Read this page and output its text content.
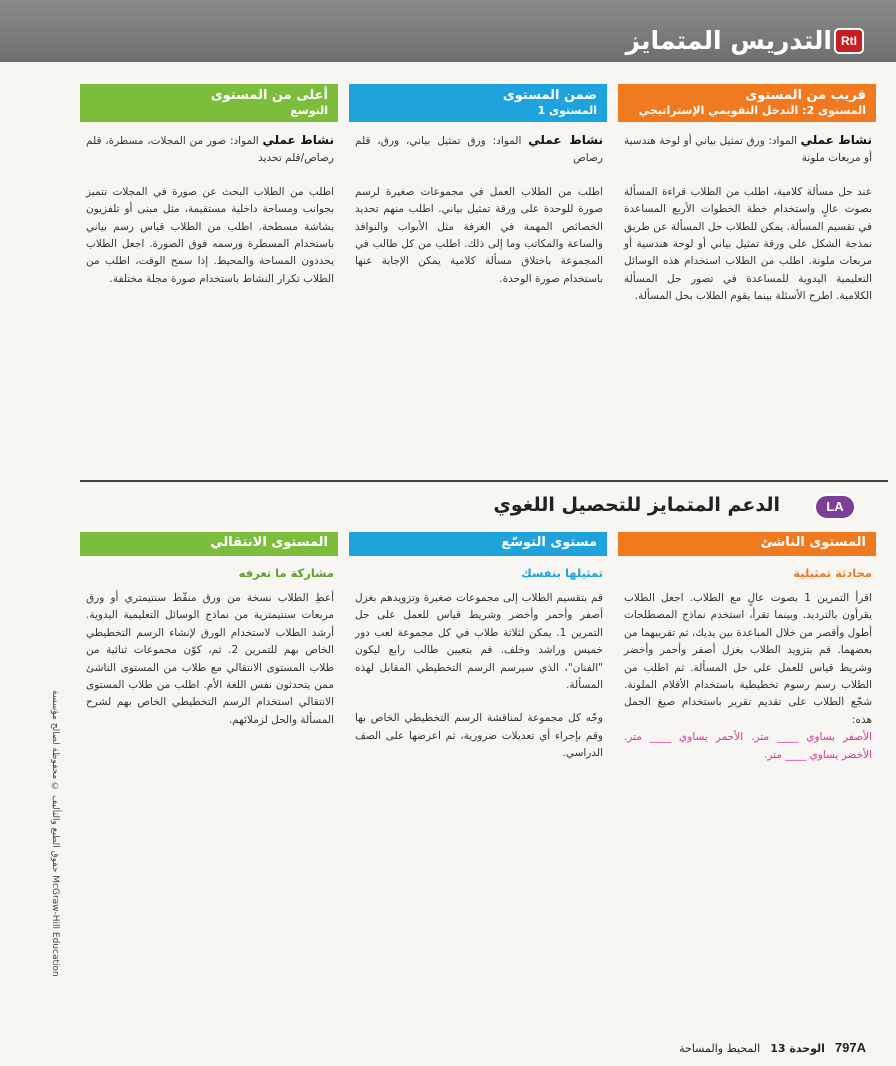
RtI
التدريس المتمايز
قريب من المستوى
المستوى 2: التدخل التقويمي الإستراتيجي
ضمن المستوى
المستوى 1
أعلى من المستوى
التوسع

نشاط عملي المواد: ورق تمثيل بياني أو لوحة هندسية أو مربعات ملونة

عند حل مسألة كلامية، اطلب من الطلاب قراءة المسألة بصوت عالٍ واستخدام خطة الخطوات الأربع المساعدة في تقسيم المسألة. يمكن للطلاب حل المسألة عن طريق نمذجة الشكل على ورقة تمثيل بياني أو لوحة هندسية أو مربعات ملونة. اطلب من الطلاب استخدام هذه الوسائل التعليمية اليدوية للمساعدة في تصور حل المسألة الكلامية. اطرح الأسئلة بينما يقوم الطلاب بحل المسألة.

نشاط عملي المواد: ورق تمثيل بياني، ورق، قلم رصاص

اطلب من الطلاب العمل في مجموعات صغيرة لرسم صورة للوحدة على ورقة تمثيل بياني. اطلب منهم تحديد الخصائص المهمة في الغرفة مثل الأبواب والنوافذ والساعة والمكاتب وما إلى ذلك. اطلب من كل طالب في المجموعة باختلاق مسألة كلامية يمكن الإجابة عنها باستخدام صورة الوحدة.

نشاط عملي المواد: صور من المجلات، مسطرة، قلم رصاص/قلم تحديد

اطلب من الطلاب البحث عن صورة في المجلات تتميز بجوانب ومساحة داخلية مستقيمة، مثل مبنى أو تلفزيون بشاشة مسطحة. اطلب من الطلاب قياس رسم بياني باستخدام المسطرة ورسمه فوق الصورة. اجعل الطلاب يحددون المساحة والمحيط. إذا سمح الوقت، اطلب من الطلاب تكرار النشاط باستخدام صورة مجلة مختلفة.

LA
الدعم المتمايز للتحصيل اللغوي
المستوى الناشئ
مستوى التوسّع
المستوى الانتقالي
محادثة تمثيلية
تمثيلها بنفسك
مشاركة ما تعرفه

اقرأ التمرين 1 بصوت عالٍ مع الطلاب. اجعل الطلاب يقرأون بالترديد. وبينما تقرأ، استخدم نماذج المصطلحات أطول وأقصر من خلال المباعدة بين يديك، ثم تقريبهما من بعضهما. قم بتزويد الطلاب بغزل أصفر وأحمر وأخضر وشريط قياس للعمل على حل المسألة. ثم اطلب من الطلاب رسم رسوم تخطيطية باستخدام الأقلام الملونة. شجّع الطلاب على تقديم تقرير باستخدام صيغ الجمل هذه:

الأصفر يساوي ____ متر. الأحمر يساوي ____ متر. الأخضر يساوي ____ متر.

قم بتقسيم الطلاب إلى مجموعات صغيرة وتزويدهم بغزل أصفر وأحمر وأخضر وشريط قياس للعمل على حل التمرين 1. يمكن لثلاثة طلاب في كل مجموعة لعب دور خميس وراشد وخلف. قم بتعيين طالب رابع ليكون "الفنان"، الذي سيرسم الرسم التخطيطي المقابل لهذه المسألة.

وجّه كل مجموعة لمناقشة الرسم التخطيطي الخاص بها وقم بإجراء أي تعديلات ضرورية، ثم اعرضها على الصف الدراسي.

أعطِ الطلاب نسخة من ورق منقّط سنتيمتري أو ورق مربعات سنتيمترية من نماذج الوسائل التعليمية اليدوية. أرشد الطلاب لاستخدام الورق لإنشاء الرسم التخطيطي الخاص بهم للتمرين 2. ثم، كوّن مجموعات ثنائية من طلاب المستوى الانتقالي مع طلاب من المستوى الناشئ ممن يتحدثون نفس اللغة الأم. اطلب من طلاب المستوى الانتقالي استخدام الرسم التخطيطي الخاص بهم لشرح المسألة والحل لزملائهم.

حقوق الطبع والتأليف © محفوظة لصالح مؤسسة McGraw-Hill Education
797A
الوحدة 13
المحيط والمساحة
